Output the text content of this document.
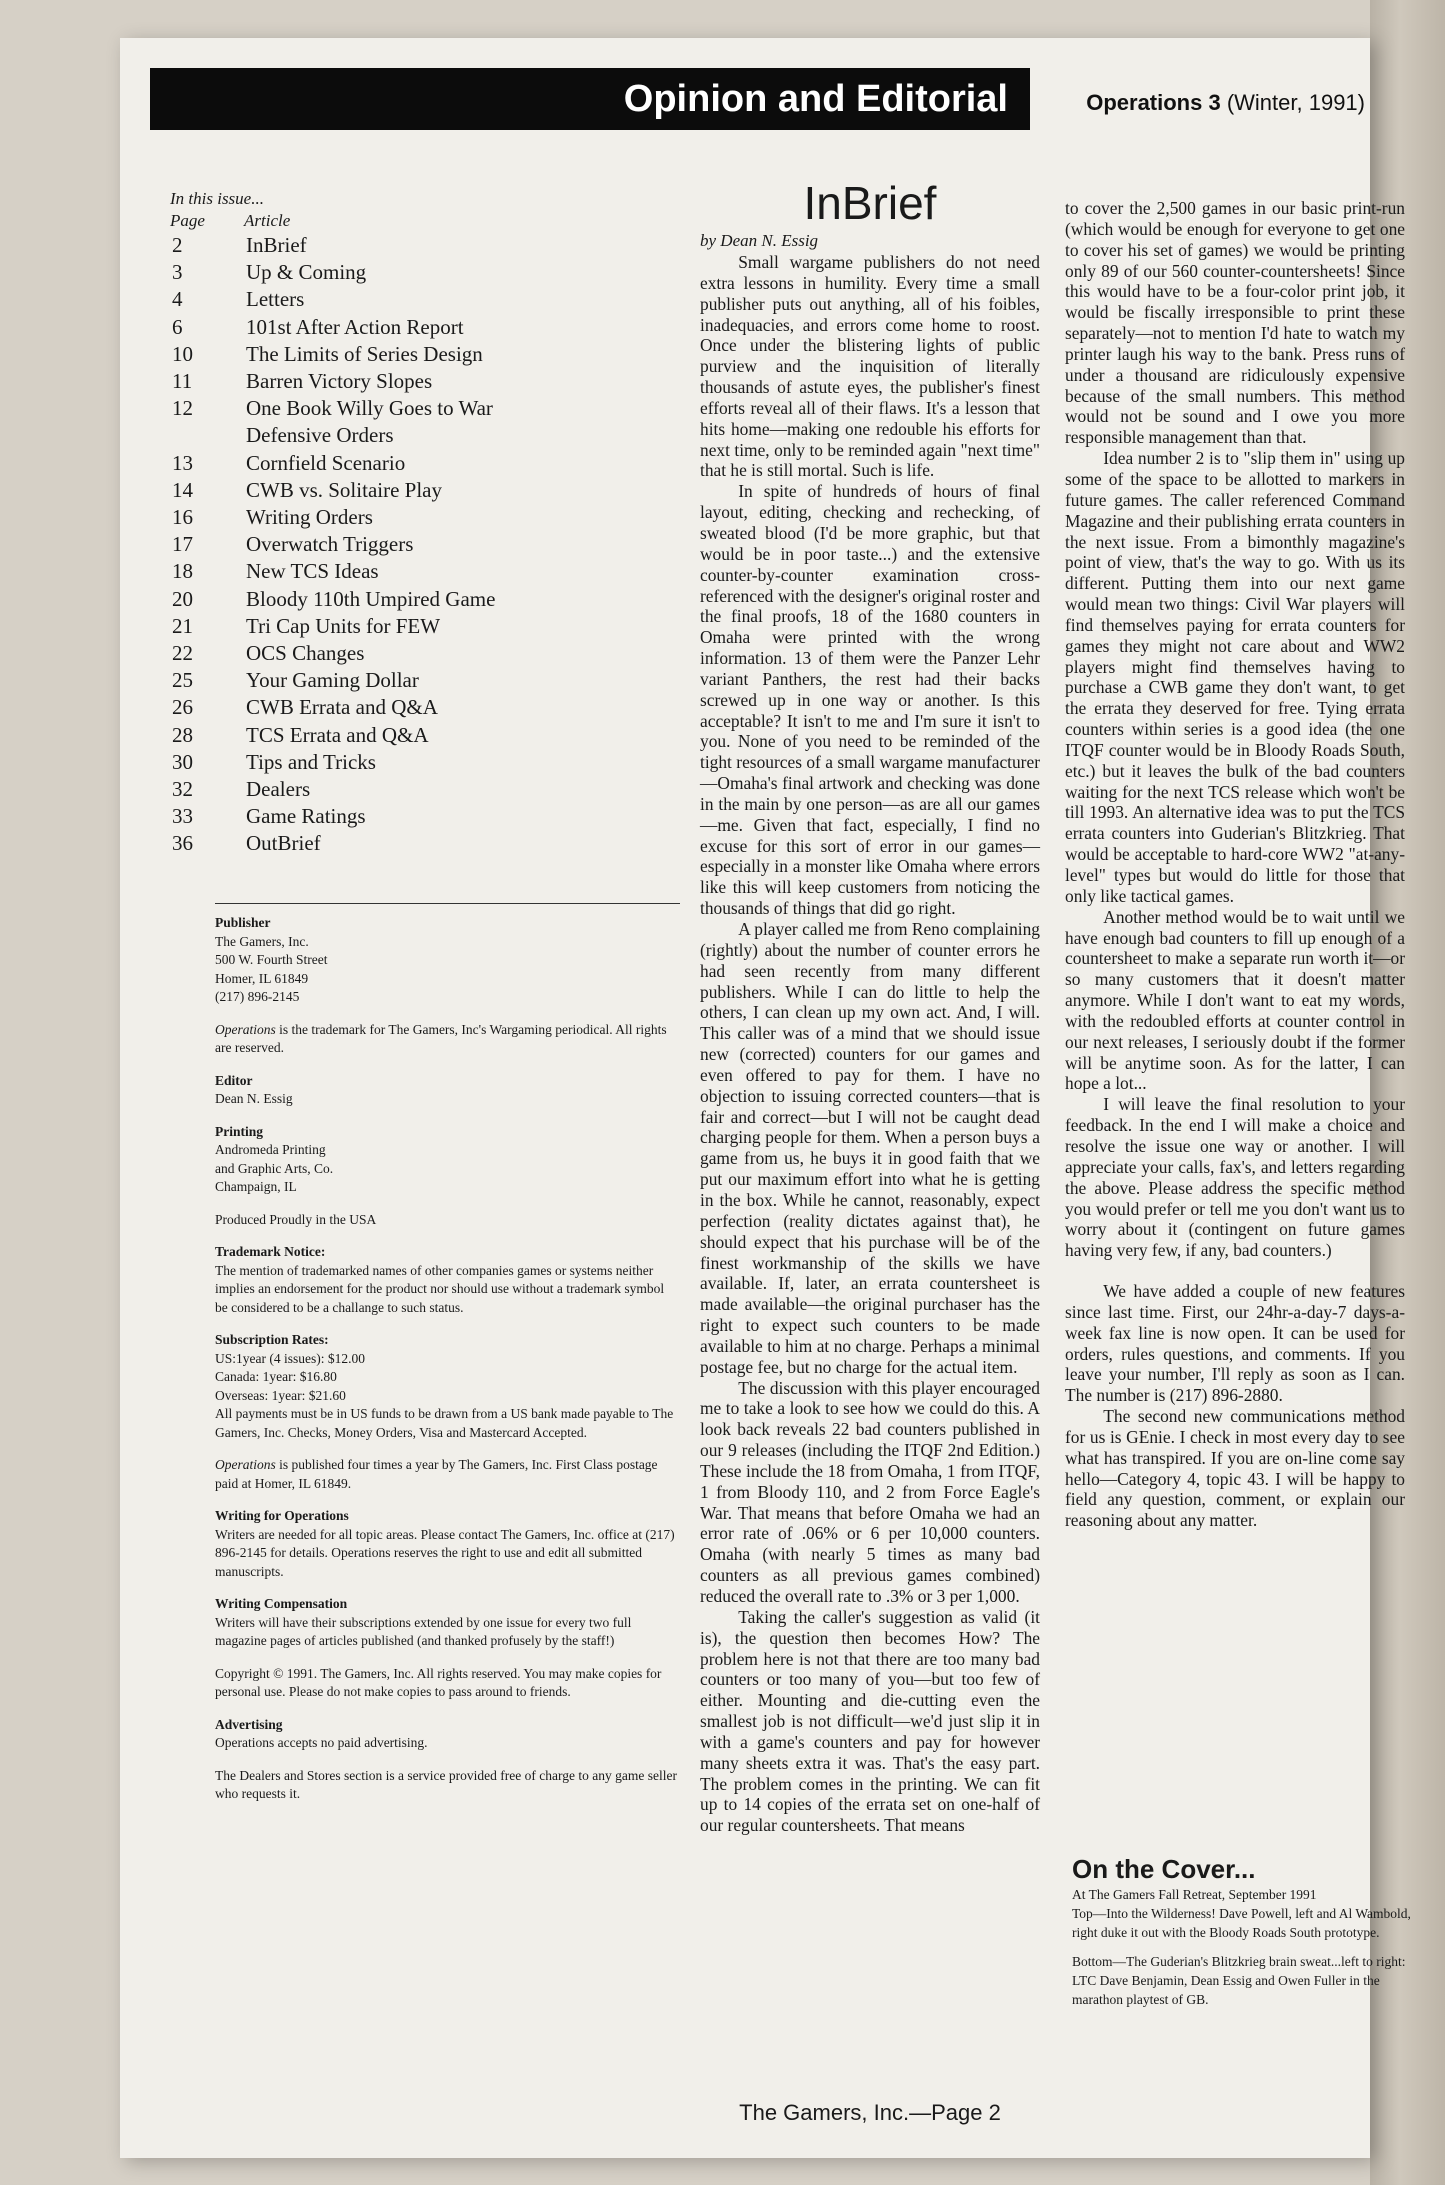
Opinion and Editorial	Operations 3 (Winter, 1991)
In this issue...
Page	Article
2	InBrief
3	Up & Coming
4	Letters
6	101st After Action Report
10	The Limits of Series Design
11	Barren Victory Slopes
12	One Book Willy Goes to War
Defensive Orders
13	Cornfield Scenario
14	CWB vs. Solitaire Play
16	Writing Orders
17	Overwatch Triggers
18	New TCS Ideas
20	Bloody 110th Umpired Game
21	Tri Cap Units for FEW
22	OCS Changes
25	Your Gaming Dollar
26	CWB Errata and Q&A
28	TCS Errata and Q&A
30	Tips and Tricks
32	Dealers
33	Game Ratings
36	OutBrief
Publisher
The Gamers, Inc.
500 W. Fourth Street
Homer, IL 61849
(217) 896-2145
Operations is the trademark for The Gamers, Inc's Wargaming periodical. All rights are reserved.
Editor
Dean N. Essig
Printing
Andromeda Printing
and Graphic Arts, Co.
Champaign, IL
Produced Proudly in the USA
Trademark Notice:
The mention of trademarked names of other companies games or systems neither implies an endorsement for the product nor should use without a trademark symbol be considered to be a challange to such status.
Subscription Rates:
US:1year (4 issues): $12.00
Canada: 1year: $16.80
Overseas: 1year: $21.60
All payments must be in US funds to be drawn from a US bank made payable to The Gamers, Inc. Checks, Money Orders, Visa and Mastercard Accepted.
Operations is published four times a year by The Gamers, Inc. First Class postage paid at Homer, IL 61849.
Writing for Operations
Writers are needed for all topic areas. Please contact The Gamers, Inc. office at (217) 896-2145 for details. Operations reserves the right to use and edit all submitted manuscripts.
Writing Compensation
Writers will have their subscriptions extended by one issue for every two full magazine pages of articles published (and thanked profusely by the staff!)
Copyright © 1991. The Gamers, Inc. All rights reserved. You may make copies for personal use. Please do not make copies to pass around to friends.
Advertising
Operations accepts no paid advertising.
The Dealers and Stores section is a service provided free of charge to any game seller who requests it.
InBrief
by Dean N. Essig

Small wargame publishers do not need extra lessons in humility. Every time a small publisher puts out anything, all of his foibles, inadequacies, and errors come home to roost. Once under the blistering lights of public purview and the inquisition of literally thousands of astute eyes, the publisher's finest efforts reveal all of their flaws. It's a lesson that hits home—making one redouble his efforts for next time, only to be reminded again "next time" that he is still mortal. Such is life.

In spite of hundreds of hours of final layout, editing, checking and rechecking, of sweated blood (I'd be more graphic, but that would be in poor taste...) and the extensive counter-by-counter examination cross-referenced with the designer's original roster and the final proofs, 18 of the 1680 counters in Omaha were printed with the wrong information. 13 of them were the Panzer Lehr variant Panthers, the rest had their backs screwed up in one way or another. Is this acceptable? It isn't to me and I'm sure it isn't to you. None of you need to be reminded of the tight resources of a small wargame manufacturer—Omaha's final artwork and checking was done in the main by one person—as are all our games—me. Given that fact, especially, I find no excuse for this sort of error in our games—especially in a monster like Omaha where errors like this will keep customers from noticing the thousands of things that did go right.

A player called me from Reno complaining (rightly) about the number of counter errors he had seen recently from many different publishers. While I can do little to help the others, I can clean up my own act. And, I will. This caller was of a mind that we should issue new (corrected) counters for our games and even offered to pay for them. I have no objection to issuing corrected counters—that is fair and correct—but I will not be caught dead charging people for them. When a person buys a game from us, he buys it in good faith that we put our maximum effort into what he is getting in the box. While he cannot, reasonably, expect perfection (reality dictates against that), he should expect that his purchase will be of the finest workmanship of the skills we have available. If, later, an errata countersheet is made available—the original purchaser has the right to expect such counters to be made available to him at no charge. Perhaps a minimal postage fee, but no charge for the actual item.

The discussion with this player encouraged me to take a look to see how we could do this. A look back reveals 22 bad counters published in our 9 releases (including the ITQF 2nd Edition.) These include the 18 from Omaha, 1 from ITQF, 1 from Bloody 110, and 2 from Force Eagle's War. That means that before Omaha we had an error rate of .06% or 6 per 10,000 counters. Omaha (with nearly 5 times as many bad counters as all previous games combined) reduced the overall rate to .3% or 3 per 1,000.

Taking the caller's suggestion as valid (it is), the question then becomes How? The problem here is not that there are too many bad counters or too many of you—but too few of either. Mounting and die-cutting even the smallest job is not difficult—we'd just slip it in with a game's counters and pay for however many sheets extra it was. That's the easy part. The problem comes in the printing. We can fit up to 14 copies of the errata set on one-half of our regular countersheets. That means

to cover the 2,500 games in our basic print-run (which would be enough for everyone to get one to cover his set of games) we would be printing only 89 of our 560 counter-countersheets! Since this would have to be a four-color print job, it would be fiscally irresponsible to print these separately—not to mention I'd hate to watch my printer laugh his way to the bank. Press runs of under a thousand are ridiculously expensive because of the small numbers. This method would not be sound and I owe you more responsible management than that.

Idea number 2 is to "slip them in" using up some of the space to be allotted to markers in future games. The caller referenced Command Magazine and their publishing errata counters in the next issue. From a bimonthly magazine's point of view, that's the way to go. With us its different. Putting them into our next game would mean two things: Civil War players will find themselves paying for errata counters for games they might not care about and WW2 players might find themselves having to purchase a CWB game they don't want, to get the errata they deserved for free. Tying errata counters within series is a good idea (the one ITQF counter would be in Bloody Roads South, etc.) but it leaves the bulk of the bad counters waiting for the next TCS release which won't be till 1993. An alternative idea was to put the TCS errata counters into Guderian's Blitzkrieg. That would be acceptable to hard-core WW2 "at-any-level" types but would do little for those that only like tactical games.

Another method would be to wait until we have enough bad counters to fill up enough of a countersheet to make a separate run worth it—or so many customers that it doesn't matter anymore. While I don't want to eat my words, with the redoubled efforts at counter control in our next releases, I seriously doubt if the former will be anytime soon. As for the latter, I can hope a lot...

I will leave the final resolution to your feedback. In the end I will make a choice and resolve the issue one way or another. I will appreciate your calls, fax's, and letters regarding the above. Please address the specific method you would prefer or tell me you don't want us to worry about it (contingent on future games having very few, if any, bad counters.)

We have added a couple of new features since last time. First, our 24hr-a-day-7 days-a-week fax line is now open. It can be used for orders, rules questions, and comments. If you leave your number, I'll reply as soon as I can. The number is (217) 896-2880.

The second new communications method for us is GEnie. I check in most every day to see what has transpired. If you are on-line come say hello—Category 4, topic 43. I will be happy to field any question, comment, or explain our reasoning about any matter.

On the Cover...

At The Gamers Fall Retreat, September 1991
Top—Into the Wilderness! Dave Powell, left and Al Wambold, right duke it out with the Bloody Roads South prototype.

Bottom—The Guderian's Blitzkrieg brain sweat...left to right: LTC Dave Benjamin, Dean Essig and Owen Fuller in the marathon playtest of GB.

The Gamers, Inc.—Page 2
